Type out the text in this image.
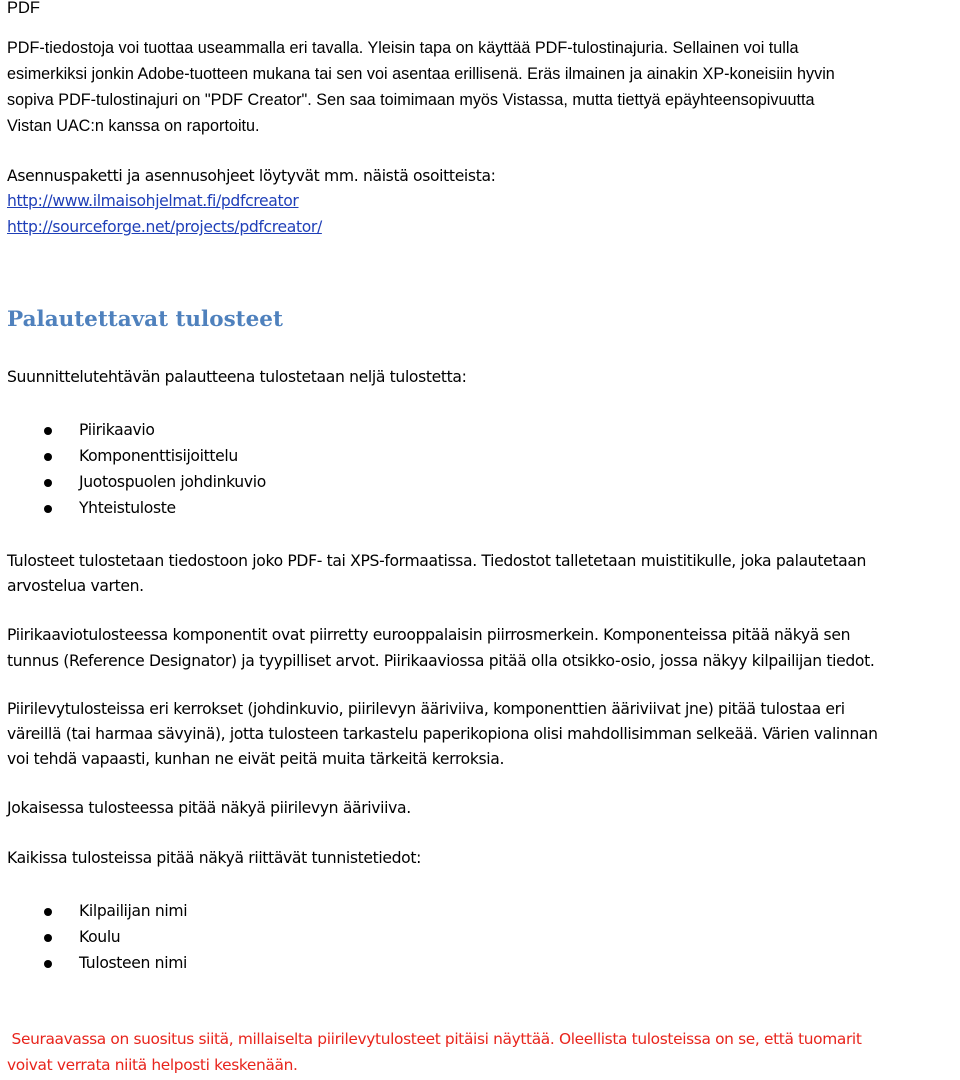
PDF
PDF-tiedostoja voi tuottaa useammalla eri tavalla. Yleisin tapa on käyttää PDF-tulostinajuria. Sellainen voi tulla
esimerkiksi jonkin Adobe-tuotteen mukana tai sen voi asentaa erillisenä. Eräs ilmainen ja ainakin XP-koneisiin hyvin
sopiva PDF-tulostinajuri on "PDF Creator". Sen saa toimimaan myös Vistassa, mutta tiettyä epäyhteensopivuutta
Vistan UAC:n kanssa on raportoitu.
Asennuspaketti ja asennusohjeet löytyvät mm. näistä osoitteista:
http://www.ilmaisohjelmat.fi/pdfcreator
http://sourceforge.net/projects/pdfcreator/
Palautettavat tulosteet
Suunnittelutehtävän palautteena tulostetaan neljä tulostetta:
Piirikaavio
Komponenttisijoittelu
Juotospuolen johdinkuvio
Yhteistuloste
Tulosteet tulostetaan tiedostoon joko PDF- tai XPS-formaatissa. Tiedostot talletetaan muistitikulle, joka palautetaan
arvostelua varten.
Piirikaaviotulosteessa komponentit ovat piirretty eurooppalaisin piirrosmerkein. Komponenteissa pitää näkyä sen
tunnus (Reference Designator) ja tyypilliset arvot. Piirikaaviossa pitää olla otsikko-osio, jossa näkyy kilpailijan tiedot.
Piirilevytulosteissa eri kerrokset (johdinkuvio, piirilevyn ääriviiva, komponenttien ääriviivat jne) pitää tulostaa eri
väreillä (tai harmaa sävyinä), jotta tulosteen tarkastelu paperikopiona olisi mahdollisimman selkeää. Värien valinnan
voi tehdä vapaasti, kunhan ne eivät peitä muita tärkeitä kerroksia.
Jokaisessa tulosteessa pitää näkyä piirilevyn ääriviiva.
Kaikissa tulosteissa pitää näkyä riittävät tunnistetiedot:
Kilpailijan nimi
Koulu
Tulosteen nimi
Seuraavassa on suositus siitä, millaiselta piirilevytulosteet pitäisi näyttää. Oleellista tulosteissa on se, että tuomarit
voivat verrata niitä helposti keskenään.
